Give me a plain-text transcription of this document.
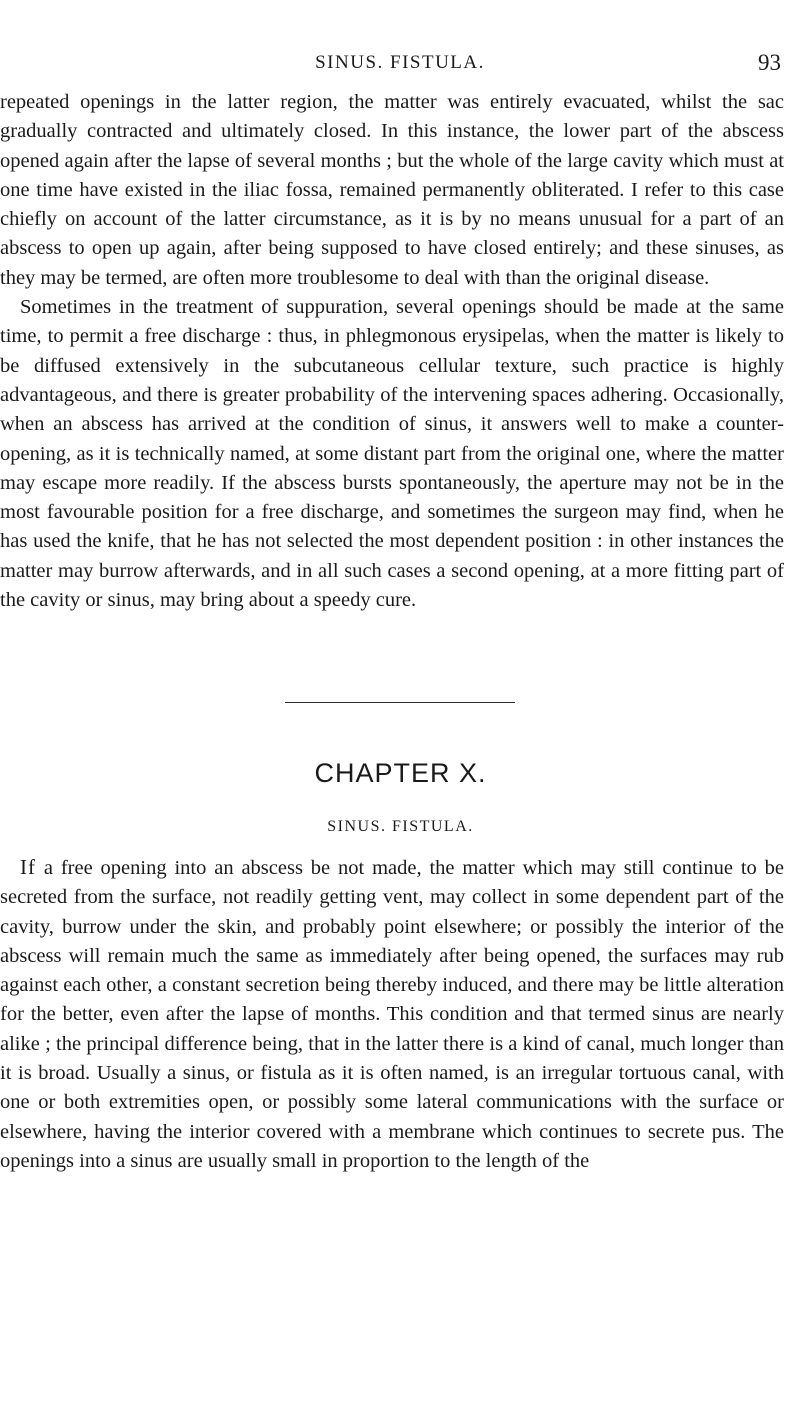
SINUS. FISTULA.	93

repeated openings in the latter region, the matter was entirely evacuated, whilst the sac gradually contracted and ultimately closed. In this instance, the lower part of the abscess opened again after the lapse of several months ; but the whole of the large cavity which must at one time have existed in the iliac fossa, remained permanently obliterated. I refer to this case chiefly on account of the latter circumstance, as it is by no means unusual for a part of an abscess to open up again, after being supposed to have closed entirely; and these sinuses, as they may be termed, are often more troublesome to deal with than the original disease.

Sometimes in the treatment of suppuration, several openings should be made at the same time, to permit a free discharge : thus, in phlegmonous erysipelas, when the matter is likely to be diffused extensively in the subcutaneous cellular texture, such practice is highly advantageous, and there is greater probability of the intervening spaces adhering. Occasionally, when an abscess has arrived at the condition of sinus, it answers well to make a counter-opening, as it is technically named, at some distant part from the original one, where the matter may escape more readily. If the abscess bursts spontaneously, the aperture may not be in the most favourable position for a free discharge, and sometimes the surgeon may find, when he has used the knife, that he has not selected the most dependent position : in other instances the matter may burrow afterwards, and in all such cases a second opening, at a more fitting part of the cavity or sinus, may bring about a speedy cure.

CHAPTER X.
SINUS. FISTULA.

If a free opening into an abscess be not made, the matter which may still continue to be secreted from the surface, not readily getting vent, may collect in some dependent part of the cavity, burrow under the skin, and probably point elsewhere; or possibly the interior of the abscess will remain much the same as immediately after being opened, the surfaces may rub against each other, a constant secretion being thereby induced, and there may be little alteration for the better, even after the lapse of months. This condition and that termed sinus are nearly alike ; the principal difference being, that in the latter there is a kind of canal, much longer than it is broad. Usually a sinus, or fistula as it is often named, is an irregular tortuous canal, with one or both extremities open, or possibly some lateral communications with the surface or elsewhere, having the interior covered with a membrane which continues to secrete pus. The openings into a sinus are usually small in proportion to the length of the
